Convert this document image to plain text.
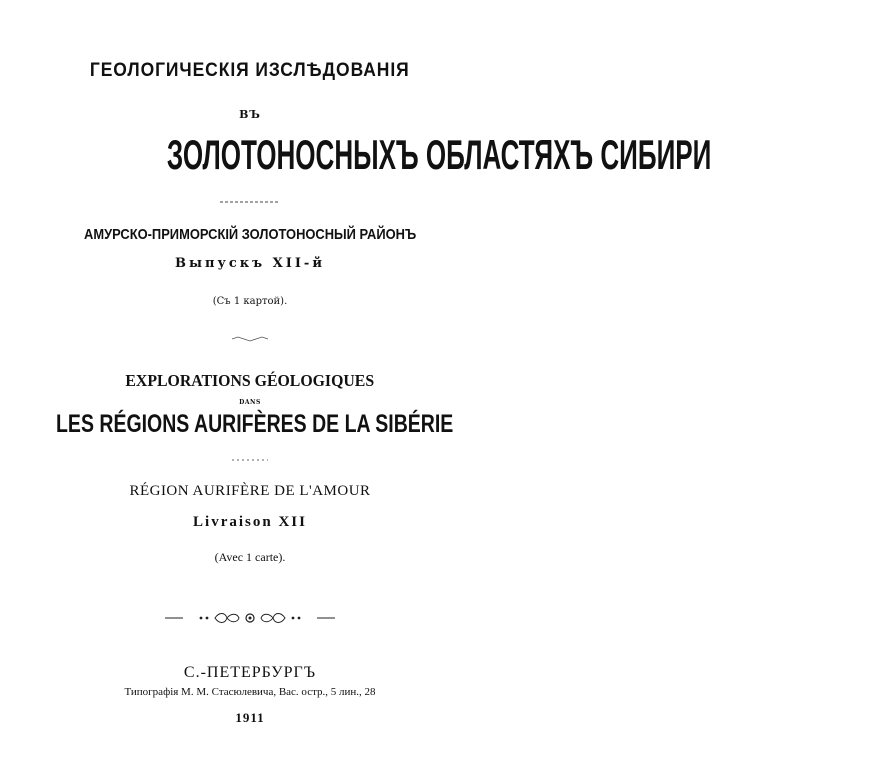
ГЕОЛОГИЧЕСКIЯ ИЗСЛѢДОВАНIЯ
ВЪ
ЗОЛОТОНОСНЫХЪ ОБЛАСТЯХЪ СИБИРИ
АМУРСКО-ПРИМОРСКIЙ ЗОЛОТОНОСНЫЙ РАЙОНЪ
Выпускъ XII-й
(Съ 1 картой).
EXPLORATIONS GÉOLOGIQUES
DANS
LES RÉGIONS AURIFÈRES DE LA SIBÉRIE
RÉGION AURIFÈRE DE L'AMOUR
Livraison XII
(Avec 1 carte).
С.-ПЕТЕРБУРГЪ
Типографiя М. М. Стасюлевича, Вас. остр., 5 лин., 28
1911
